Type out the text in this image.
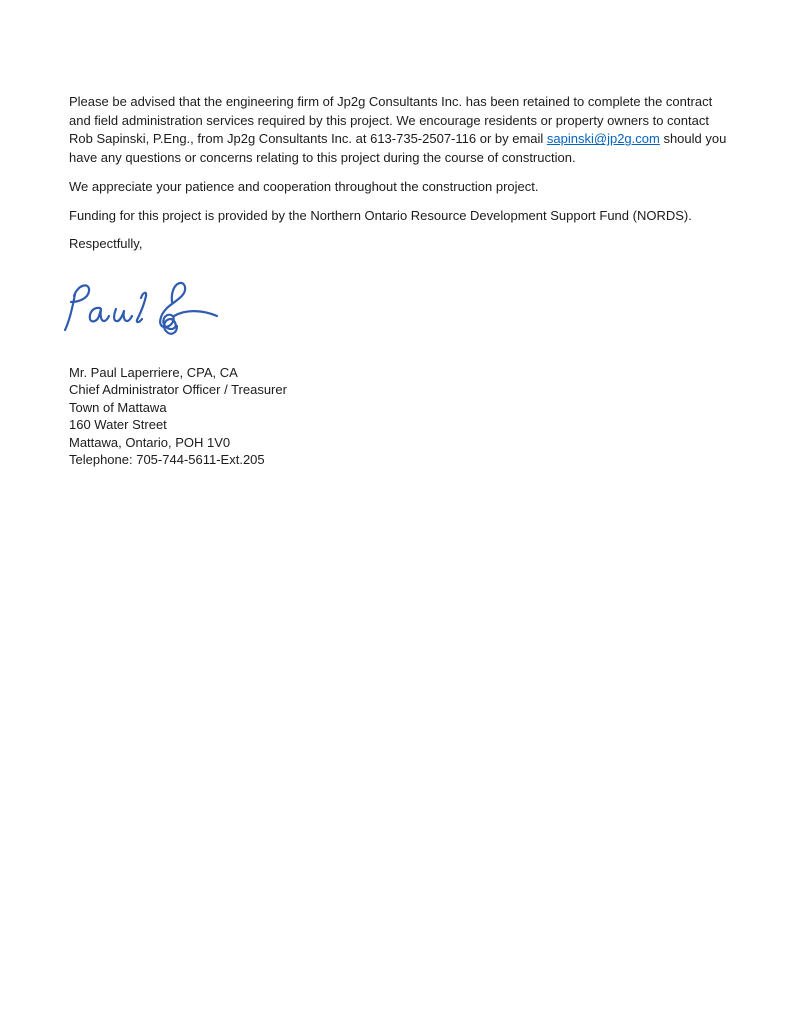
Please be advised that the engineering firm of Jp2g Consultants Inc. has been retained to complete the contract and field administration services required by this project. We encourage residents or property owners to contact Rob Sapinski, P.Eng., from Jp2g Consultants Inc. at 613-735-2507-116 or by email sapinski@jp2g.com should you have any questions or concerns relating to this project during the course of construction.

We appreciate your patience and cooperation throughout the construction project.

Funding for this project is provided by the Northern Ontario Resource Development Support Fund (NORDS).

Respectfully,

Mr. Paul Laperriere, CPA, CA
Chief Administrator Officer / Treasurer
Town of Mattawa
160 Water Street
Mattawa, Ontario, POH 1V0
Telephone: 705-744-5611-Ext.205
